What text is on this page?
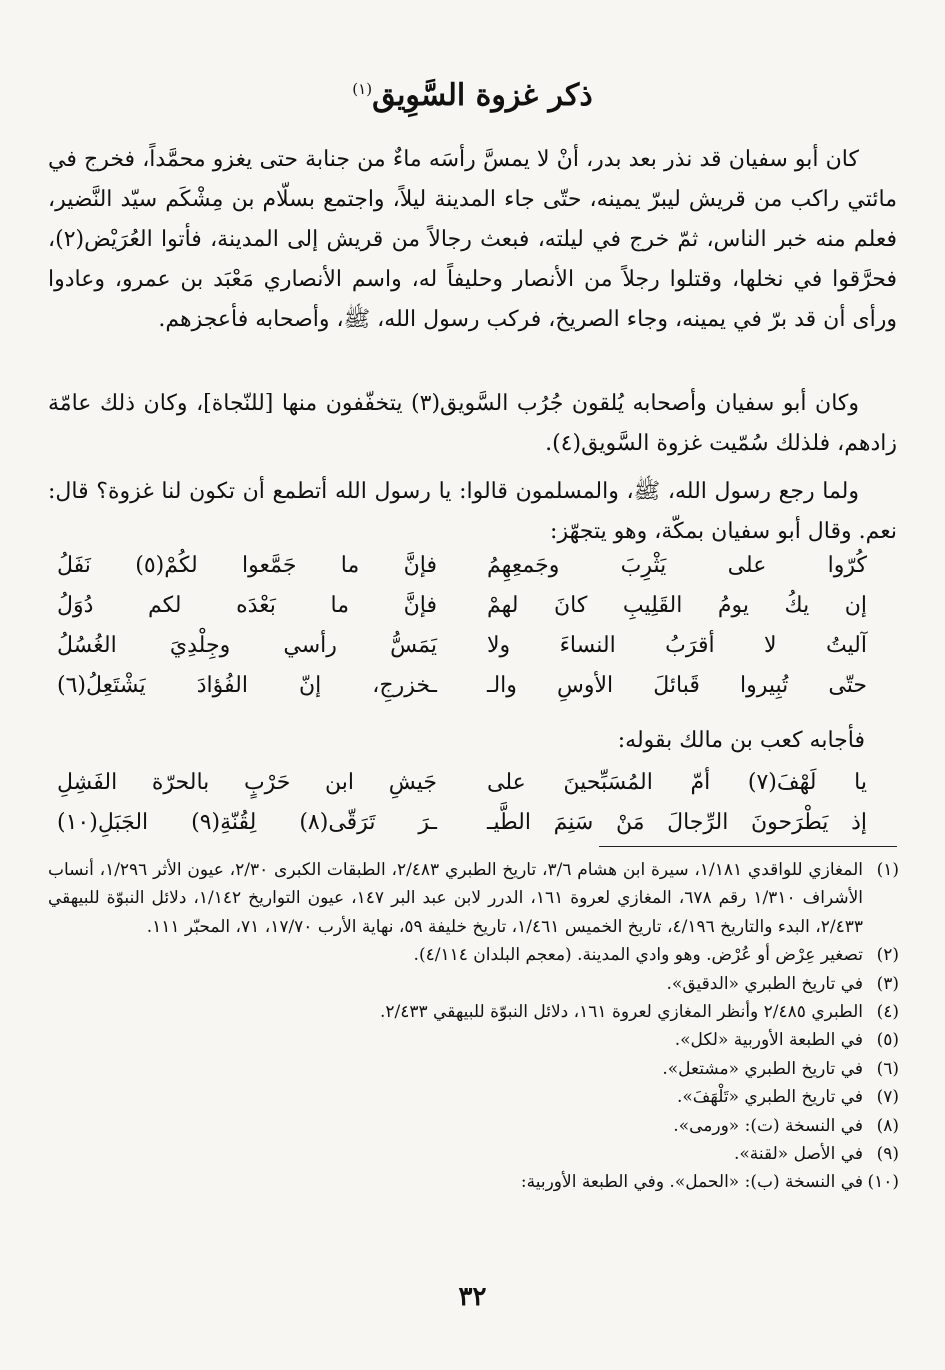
ذكر غزوة السَّوِيق$^{(١)}$

كان أبو سفيان قد نذر بعد بدر، أنْ لا يمسَّ رأسَه ماءٌ من جنابة حتى يغزو محمَّداً، فخرج في مائتي راكب من قريش ليبرّ يمينه، حتّى جاء المدينة ليلاً، واجتمع بسلّام بن مِشْكَم سيّد النَّضير، فعلم منه خبر الناس، ثمّ خرج في ليلته، فبعث رجالاً من قريش إلى المدينة، فأتوا العُرَيْض(٢)، فحرَّقوا في نخلها، وقتلوا رجلاً من الأنصار وحليفاً له، واسم الأنصاري مَعْبَد بن عمرو، وعادوا ورأى أن قد برّ في يمينه، وجاء الصريخ، فركب رسول الله، ﷺ، وأصحابه فأعجزهم.

وكان أبو سفيان وأصحابه يُلقون جُرُب السَّويق(٣) يتخفّفون منها [للنّجاة]، وكان ذلك عامّة زادهم، فلذلك سُمّيت غزوة السَّويق(٤).

ولما رجع رسول الله، ﷺ، والمسلمون قالوا: يا رسول الله أتطمع أن تكون لنا غزوة؟ قال: نعم. وقال أبو سفيان بمكّة، وهو يتجهّز:

كُرّوا على يَثْرِبَ وجَمعِهِمُ
فإنَّ ما جَمَّعوا لكُمْ(٥) نَفَلُ
إن يكُ يومُ القَلِيبِ كانَ لهمْ
فإنَّ ما بَعْدَه لكم دُوَلُ
آليتُ لا أقرَبُ النساءَ ولا
يَمَسُّ رأسي وجِلْدِيَ الغُسُلُ
حتّى تُبِيروا قَبائلَ الأوسِ والـ
ـخزرجِ، إنّ الفُؤادَ يَشْتَعِلُ(٦)
فأجابه كعب بن مالك بقوله:
يا لَهْفَ(٧) أمّ المُسَبِّحينَ على
جَيشِ ابن حَرْبٍ بالحرّة الفَشِلِ
إذ يَطْرَحونَ الرِّجالَ مَنْ سَنِمَ الطَّيـ
ـرَ تَرَقّى(٨) لِقُنّةِ(٩) الجَبَلِ(١٠)
(١)
المغازي للواقدي ١/١٨١، سيرة ابن هشام ٣/٦، تاريخ الطبري ٢/٤٨٣، الطبقات الكبرى ٢/٣٠، عيون الأثر ١/٢٩٦، أنساب الأشراف ١/٣١٠ رقم ٦٧٨، المغازي لعروة ١٦١، الدرر لابن عبد البر ١٤٧، عيون التواريخ ١/١٤٢، دلائل النبوّة للبيهقي ٢/٤٣٣، البدء والتاريخ ٤/١٩٦، تاريخ الخميس ١/٤٦١، تاريخ خليفة ٥٩، نهاية الأرب ١٧/٧٠، ٧١، المحبّر ١١١.
(٢)
تصغير عِرْض أو عُرْض. وهو وادي المدينة. (معجم البلدان ٤/١١٤).
(٣)
في تاريخ الطبري «الدقيق».
(٤)
الطبري ٢/٤٨٥ وأنظر المغازي لعروة ١٦١، دلائل النبوّة للبيهقي ٢/٤٣٣.
(٥)
في الطبعة الأوربية «لكل».
(٦)
في تاريخ الطبري «مشتعل».
(٧)
في تاريخ الطبري «تَلْهَفَ».
(٨)
في النسخة (ت): «ورمى».
(٩)
في الأصل «لقنة».
(١٠)
في النسخة (ب): «الحمل». وفي الطبعة الأوربية:
٣٢
